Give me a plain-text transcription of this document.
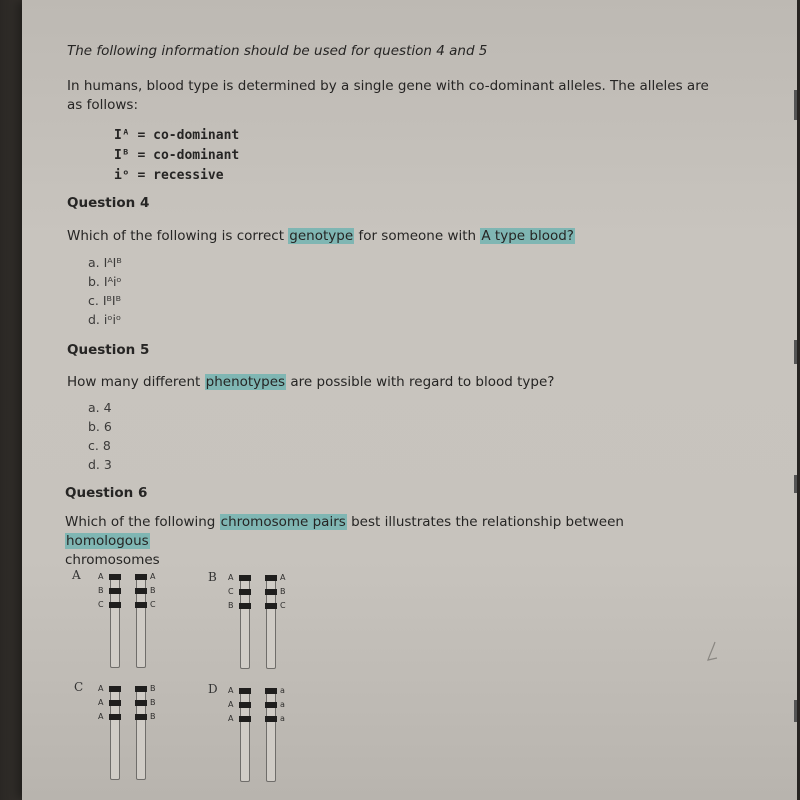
The following information should be used for question 4 and 5
In humans, blood type is determined by a single gene with co-dominant alleles. The alleles are as follows:
Iᴬ = co-dominant
Iᴮ = co-dominant
iᵒ = recessive
Question 4
Which of the following is correct genotype for someone with A type blood?
a. IᴬIᴮ
b. Iᴬiᵒ
c. IᴮIᴮ
d. iᵒiᵒ
Question 5
How many different phenotypes are possible with regard to blood type?
a. 4
b. 6
c. 8
d. 3
Question 6
Which of the following chromosome pairs best illustrates the relationship between homologous
chromosomes
A	B
C	D
A
B
C
A
B
C
A
C
B
A
B
C
A
A
A
B
B
B
A
A
A
a
a
a
